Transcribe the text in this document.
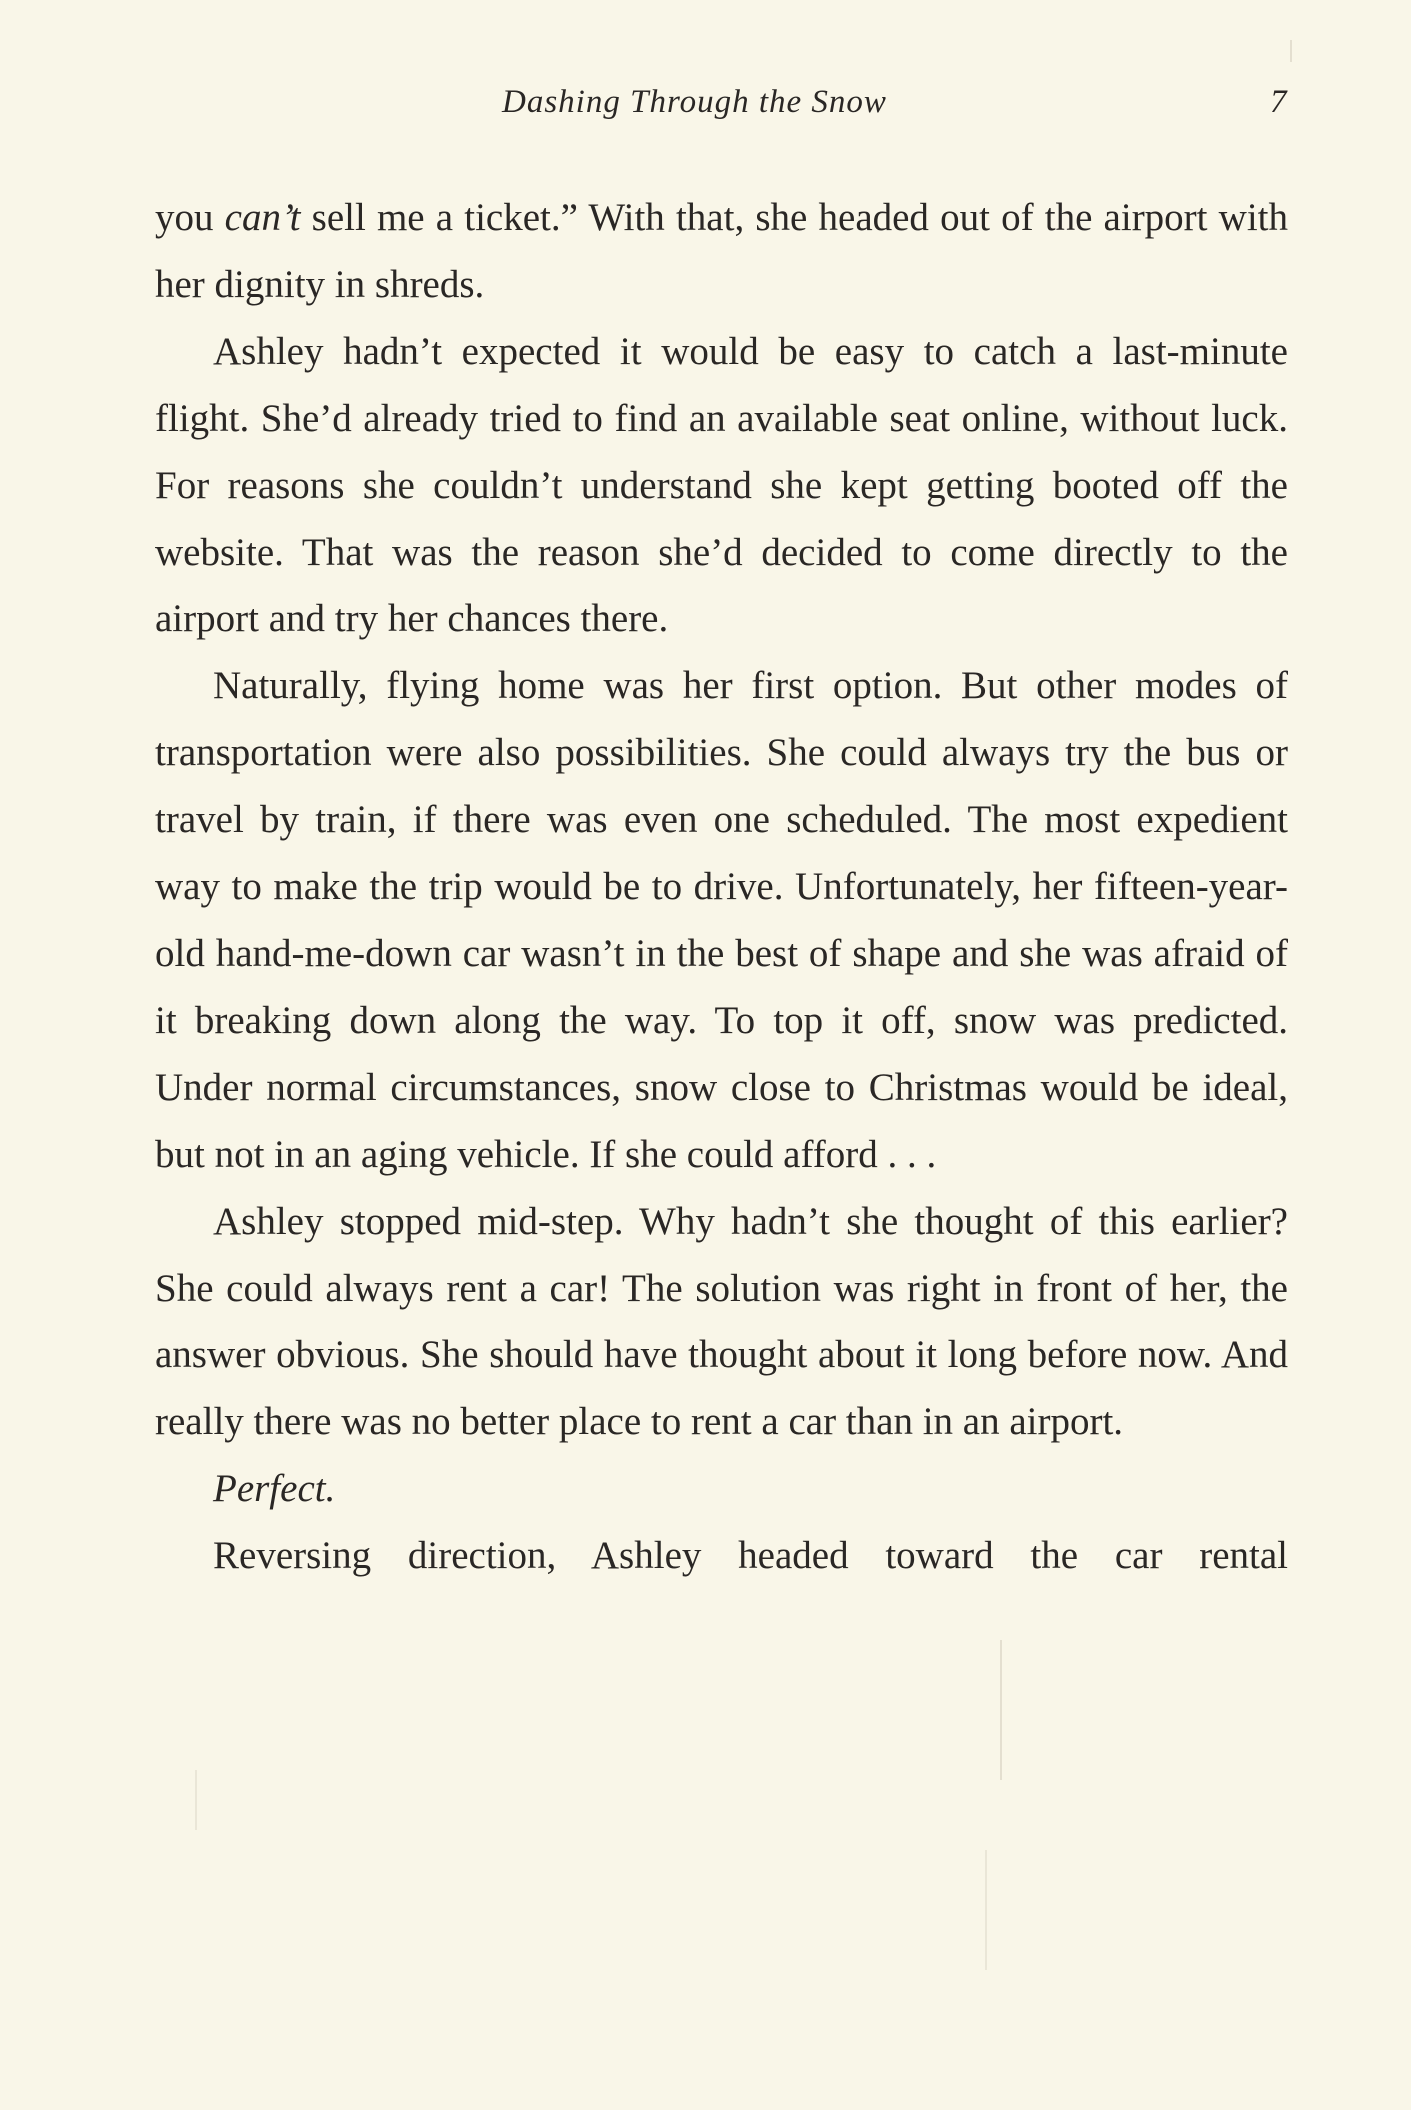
Dashing Through the Snow	7

you can’t sell me a ticket.” With that, she headed out of the airport with her dignity in shreds.

Ashley hadn’t expected it would be easy to catch a last-minute flight. She’d already tried to find an available seat online, without luck. For reasons she couldn’t understand she kept getting booted off the website. That was the reason she’d decided to come directly to the airport and try her chances there.

Naturally, flying home was her first option. But other modes of transportation were also possibilities. She could always try the bus or travel by train, if there was even one scheduled. The most expedient way to make the trip would be to drive. Unfortunately, her fifteen-year-old hand-me-down car wasn’t in the best of shape and she was afraid of it breaking down along the way. To top it off, snow was predicted. Under normal circumstances, snow close to Christmas would be ideal, but not in an aging vehicle. If she could afford . . .

Ashley stopped mid-step. Why hadn’t she thought of this earlier? She could always rent a car! The solution was right in front of her, the answer obvious. She should have thought about it long before now. And really there was no better place to rent a car than in an airport.

Perfect.

Reversing direction, Ashley headed toward the car rental
